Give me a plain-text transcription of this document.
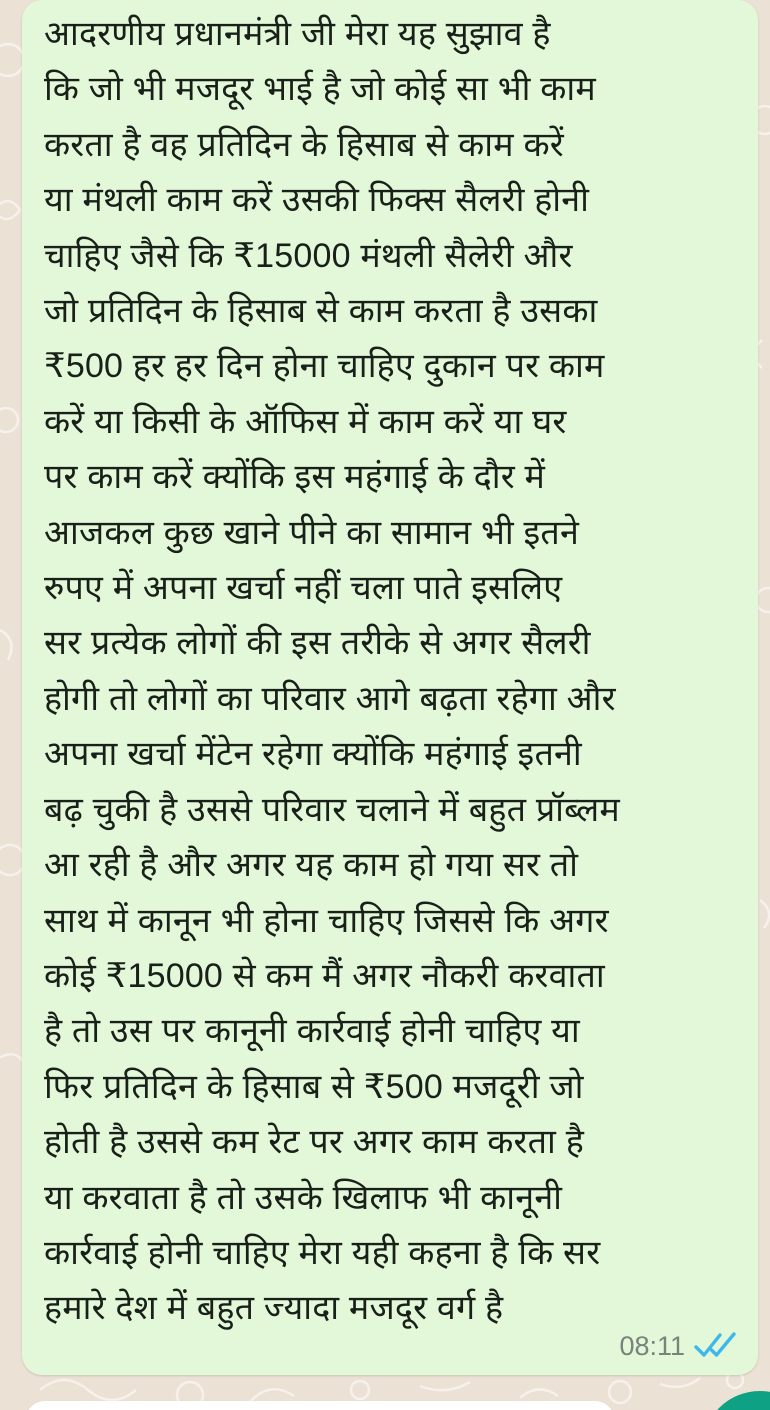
आदरणीय प्रधानमंत्री जी मेरा यह सुझाव है
कि जो भी मजदूर भाई है जो कोई सा भी काम
करता है वह प्रतिदिन के हिसाब से काम करें
या मंथली काम करें उसकी फिक्स सैलरी होनी
चाहिए जैसे कि ₹15000 मंथली सैलेरी और
जो प्रतिदिन के हिसाब से काम करता है उसका
₹500 हर हर दिन होना चाहिए दुकान पर काम
करें या किसी के ऑफिस में काम करें या घर
पर काम करें क्योंकि इस महंगाई के दौर में
आजकल कुछ खाने पीने का सामान भी इतने
रुपए में अपना खर्चा नहीं चला पाते इसलिए
सर प्रत्येक लोगों की इस तरीके से अगर सैलरी
होगी तो लोगों का परिवार आगे बढ़ता रहेगा और
अपना खर्चा मेंटेन रहेगा क्योंकि महंगाई इतनी
बढ़ चुकी है उससे परिवार चलाने में बहुत प्रॉब्लम
आ रही है और अगर यह काम हो गया सर तो
साथ में कानून भी होना चाहिए जिससे कि अगर
कोई ₹15000 से कम मैं अगर नौकरी करवाता
है तो उस पर कानूनी कार्रवाई होनी चाहिए या
फिर प्रतिदिन के हिसाब से ₹500 मजदूरी जो
होती है उससे कम रेट पर अगर काम करता है
या करवाता है तो उसके खिलाफ भी कानूनी
कार्रवाई होनी चाहिए मेरा यही कहना है कि सर
हमारे देश में बहुत ज्यादा मजदूर वर्ग है
08:11
